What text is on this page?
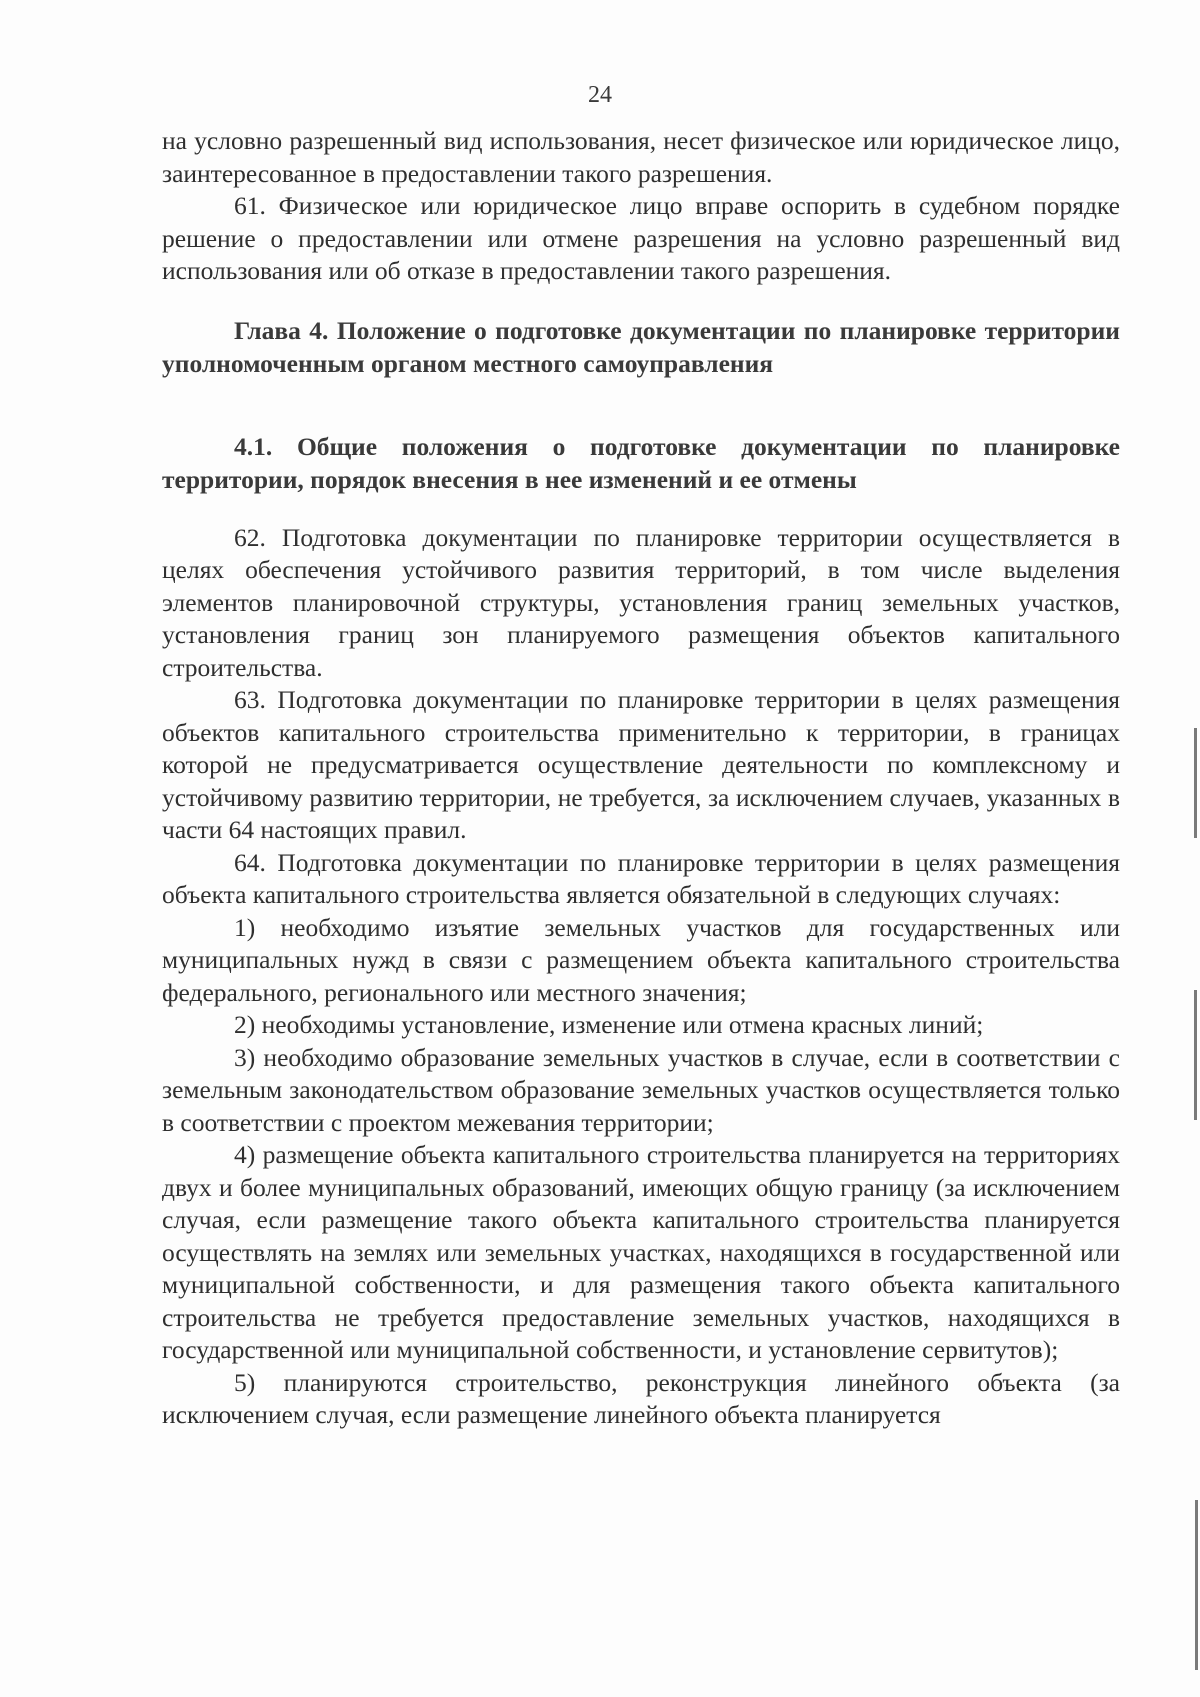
24

на условно разрешенный вид использования, несет физическое или юридическое лицо, заинтересованное в предоставлении такого разрешения.

61. Физическое или юридическое лицо вправе оспорить в судебном порядке решение о предоставлении или отмене разрешения на условно разрешенный вид использования или об отказе в предоставлении такого разрешения.

Глава 4. Положение о подготовке документации по планировке территории уполномоченным органом местного самоуправления

4.1. Общие положения о подготовке документации по планировке территории, порядок внесения в нее изменений и ее отмены

62. Подготовка документации по планировке территории осуществляется в целях обеспечения устойчивого развития территорий, в том числе выделения элементов планировочной структуры, установления границ земельных участков, установления границ зон планируемого размещения объектов капитального строительства.

63. Подготовка документации по планировке территории в целях размещения объектов капитального строительства применительно к территории, в границах которой не предусматривается осуществление деятельности по комплексному и устойчивому развитию территории, не требуется, за исключением случаев, указанных в части 64 настоящих правил.

64. Подготовка документации по планировке территории в целях размещения объекта капитального строительства является обязательной в следующих случаях:

1) необходимо изъятие земельных участков для государственных или муниципальных нужд в связи с размещением объекта капитального строительства федерального, регионального или местного значения;

2) необходимы установление, изменение или отмена красных линий;

3) необходимо образование земельных участков в случае, если в соответствии с земельным законодательством образование земельных участков осуществляется только в соответствии с проектом межевания территории;

4) размещение объекта капитального строительства планируется на территориях двух и более муниципальных образований, имеющих общую границу (за исключением случая, если размещение такого объекта капитального строительства планируется осуществлять на землях или земельных участках, находящихся в государственной или муниципальной собственности, и для размещения такого объекта капитального строительства не требуется предоставление земельных участков, находящихся в государственной или муниципальной собственности, и установление сервитутов);

5) планируются строительство, реконструкция линейного объекта (за исключением случая, если размещение линейного объекта планируется
